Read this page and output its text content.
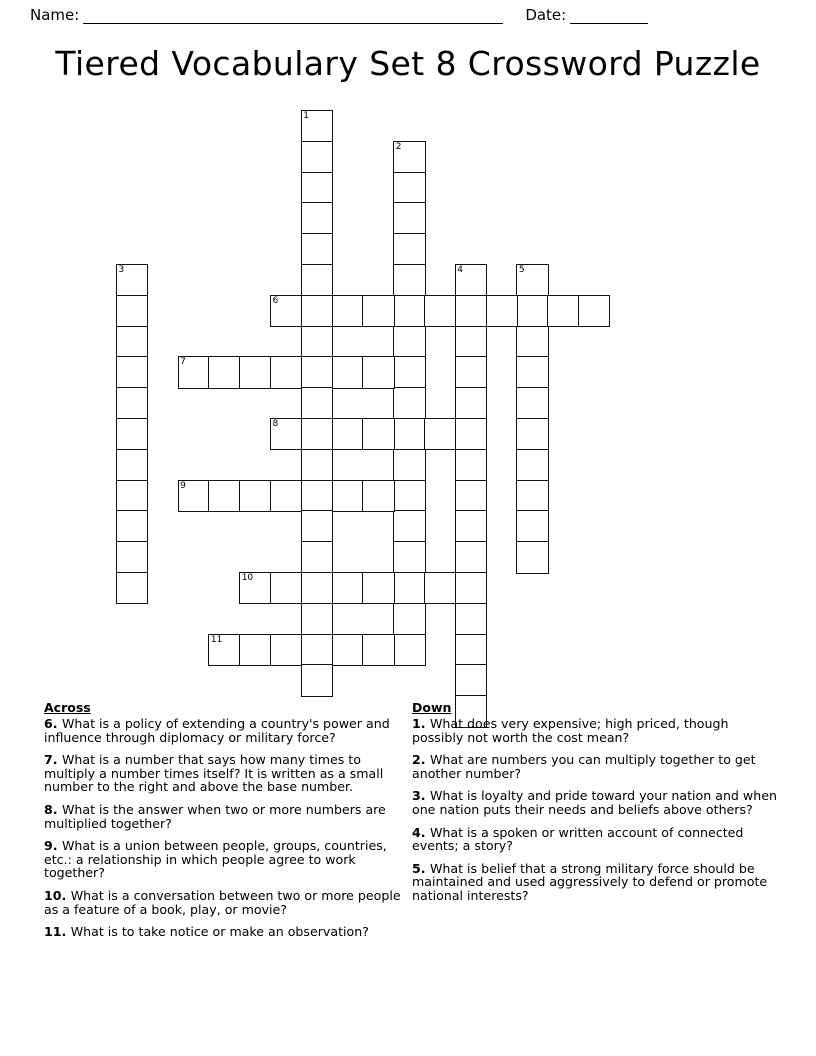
Name:	Date:
Tiered Vocabulary Set 8 Crossword Puzzle
1
2
3	4	5
6
7
8
9
10
11
Across

6. What is a policy of extending a country's power and influence through diplomacy or military force?

7. What is a number that says how many times to multiply a number times itself? It is written as a small number to the right and above the base number.

8. What is the answer when two or more numbers are multiplied together?

9. What is a union between people, groups, countries, etc.: a relationship in which people agree to work together?

10. What is a conversation between two or more people as a feature of a book, play, or movie?

11. What is to take notice or make an observation?

Down

1. What does very expensive; high priced, though possibly not worth the cost mean?

2. What are numbers you can multiply together to get another number?

3. What is loyalty and pride toward your nation and when one nation puts their needs and beliefs above others?

4. What is a spoken or written account of connected events; a story?

5. What is belief that a strong military force should be maintained and used aggressively to defend or promote national interests?
